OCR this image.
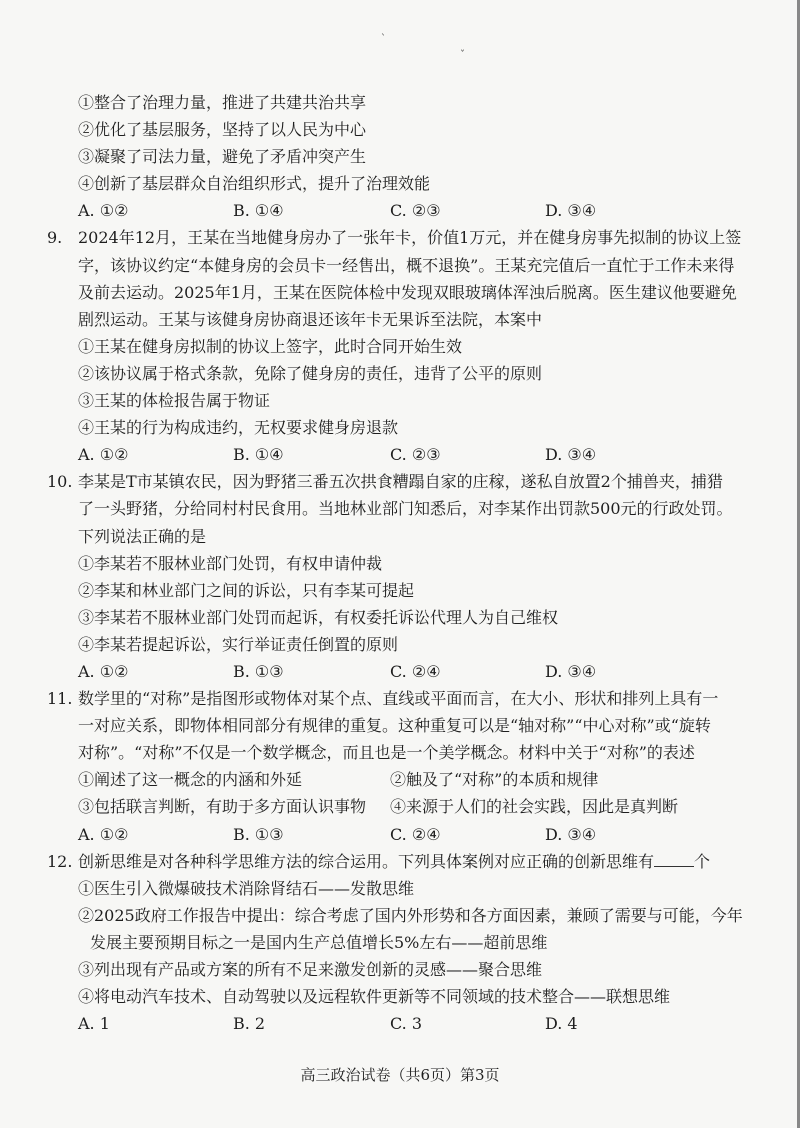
ˋ
ˇ
①整合了治理力量，推进了共建共治共享
②优化了基层服务，坚持了以人民为中心
③凝聚了司法力量，避免了矛盾冲突产生
④创新了基层群众自治组织形式，提升了治理效能
A. ①②	B. ①④	C. ②③	D. ③④
9. 2024年12月，王某在当地健身房办了一张年卡，价值1万元，并在健身房事先拟制的协议上签
字，该协议约定“本健身房的会员卡一经售出，概不退换”。王某充完值后一直忙于工作未来得
及前去运动。2025年1月，王某在医院体检中发现双眼玻璃体浑浊后脱离。医生建议他要避免
剧烈运动。王某与该健身房协商退还该年卡无果诉至法院，本案中
①王某在健身房拟制的协议上签字，此时合同开始生效
②该协议属于格式条款，免除了健身房的责任，违背了公平的原则
③王某的体检报告属于物证
④王某的行为构成违约，无权要求健身房退款
A. ①②	B. ①④	C. ②③	D. ③④
10. 李某是T市某镇农民，因为野猪三番五次拱食糟蹋自家的庄稼，遂私自放置2个捕兽夹，捕猎
了一头野猪，分给同村村民食用。当地林业部门知悉后，对李某作出罚款500元的行政处罚。
下列说法正确的是
①李某若不服林业部门处罚，有权申请仲裁
②李某和林业部门之间的诉讼，只有李某可提起
③李某若不服林业部门处罚而起诉，有权委托诉讼代理人为自己维权
④李某若提起诉讼，实行举证责任倒置的原则
A. ①②	B. ①③	C. ②④	D. ③④
11. 数学里的“对称”是指图形或物体对某个点、直线或平面而言，在大小、形状和排列上具有一
一对应关系，即物体相同部分有规律的重复。这种重复可以是“轴对称”“中心对称”或“旋转
对称”。“对称”不仅是一个数学概念，而且也是一个美学概念。材料中关于“对称”的表述
①阐述了这一概念的内涵和外延	②触及了“对称”的本质和规律
③包括联言判断，有助于多方面认识事物 ④来源于人们的社会实践，因此是真判断
A. ①②	B. ①③	C. ②④	D. ③④
12. 创新思维是对各种科学思维方法的综合运用。下列具体案例对应正确的创新思维有	个
①医生引入微爆破技术消除肾结石——发散思维
②2025政府工作报告中提出：综合考虑了国内外形势和各方面因素，兼顾了需要与可能，今年
发展主要预期目标之一是国内生产总值增长5%左右——超前思维
③列出现有产品或方案的所有不足来激发创新的灵感——聚合思维
④将电动汽车技术、自动驾驶以及远程软件更新等不同领域的技术整合——联想思维
A. 1	B. 2	C. 3	D. 4
高三政治试卷（共6页）第3页
